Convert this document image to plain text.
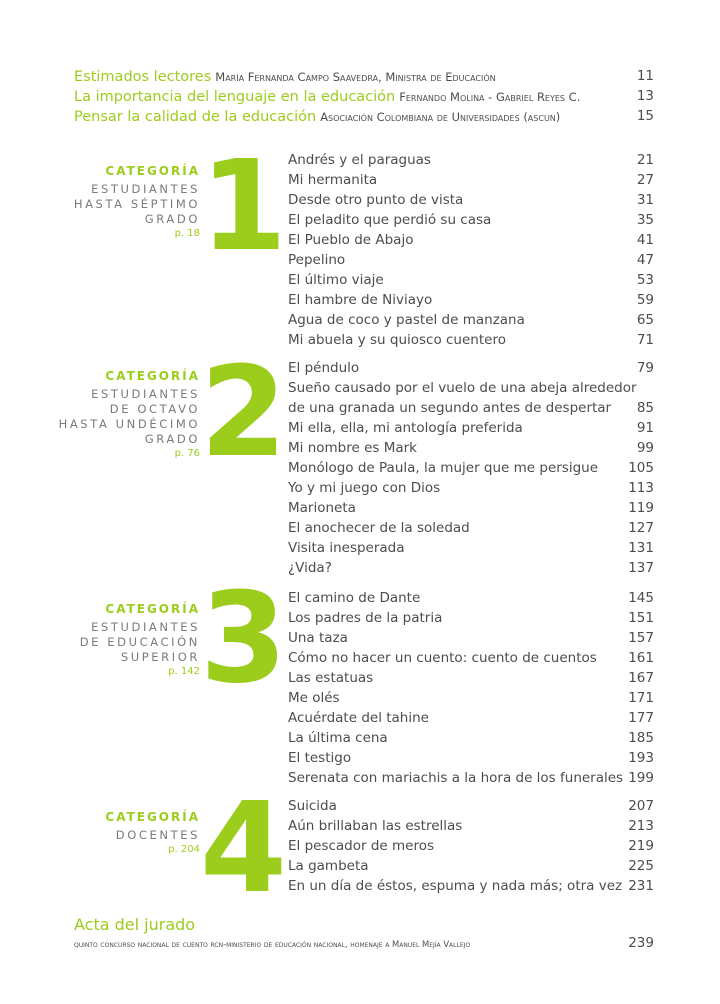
Estimados lectores María Fernanda Campo Saavedra, Ministra de Educación	11
La importancia del lenguaje en la educación Fernando Molina - Gabriel Reyes C.	13
Pensar la calidad de la educación Asociación Colombiana de Universidades (ascun)	15
CATEGORÍA
ESTUDIANTES
HASTA SÉPTIMO
GRADO
p. 18 1 Andrés y el paraguas	21
Mi hermanita	27
Desde otro punto de vista	31
El peladito que perdió su casa	35
El Pueblo de Abajo	41
Pepelino	47
El último viaje	53
El hambre de Niviayo	59
Agua de coco y pastel de manzana	65
Mi abuela y su quiosco cuentero	71
CATEGORÍA
ESTUDIANTES
DE OCTAVO
HASTA UNDÉCIMO
GRADO
p. 76 2 El péndulo	79
Sueño causado por el vuelo de una abeja alrededor
de una granada un segundo antes de despertar 85
Mi ella, ella, mi antología preferida	91
Mi nombre es Mark	99
Monólogo de Paula, la mujer que me persigue 105
Yo y mi juego con Dios	113
Marioneta	119
El anochecer de la soledad	127
Visita inesperada	131
¿Vida?	137
CATEGORÍA
ESTUDIANTES
DE EDUCACIÓN
SUPERIOR
p. 142 3 El camino de Dante	145
Los padres de la patria	151
Una taza	157
Cómo no hacer un cuento: cuento de cuentos 161
Las estatuas	167
Me olés	171
Acuérdate del tahine	177
La última cena	185
El testigo	193
Serenata con mariachis a la hora de los funerales 199
CATEGORÍA
DOCENTES
p. 204 4 Suicida	207
Aún brillaban las estrellas	213
El pescador de meros	219
La gambeta	225
En un día de éstos, espuma y nada más; otra vez 231
Acta del jurado
quinto concurso nacional de cuento rcn-ministerio de educación nacional, homenaje a Manuel Mejía Vallejo	239
